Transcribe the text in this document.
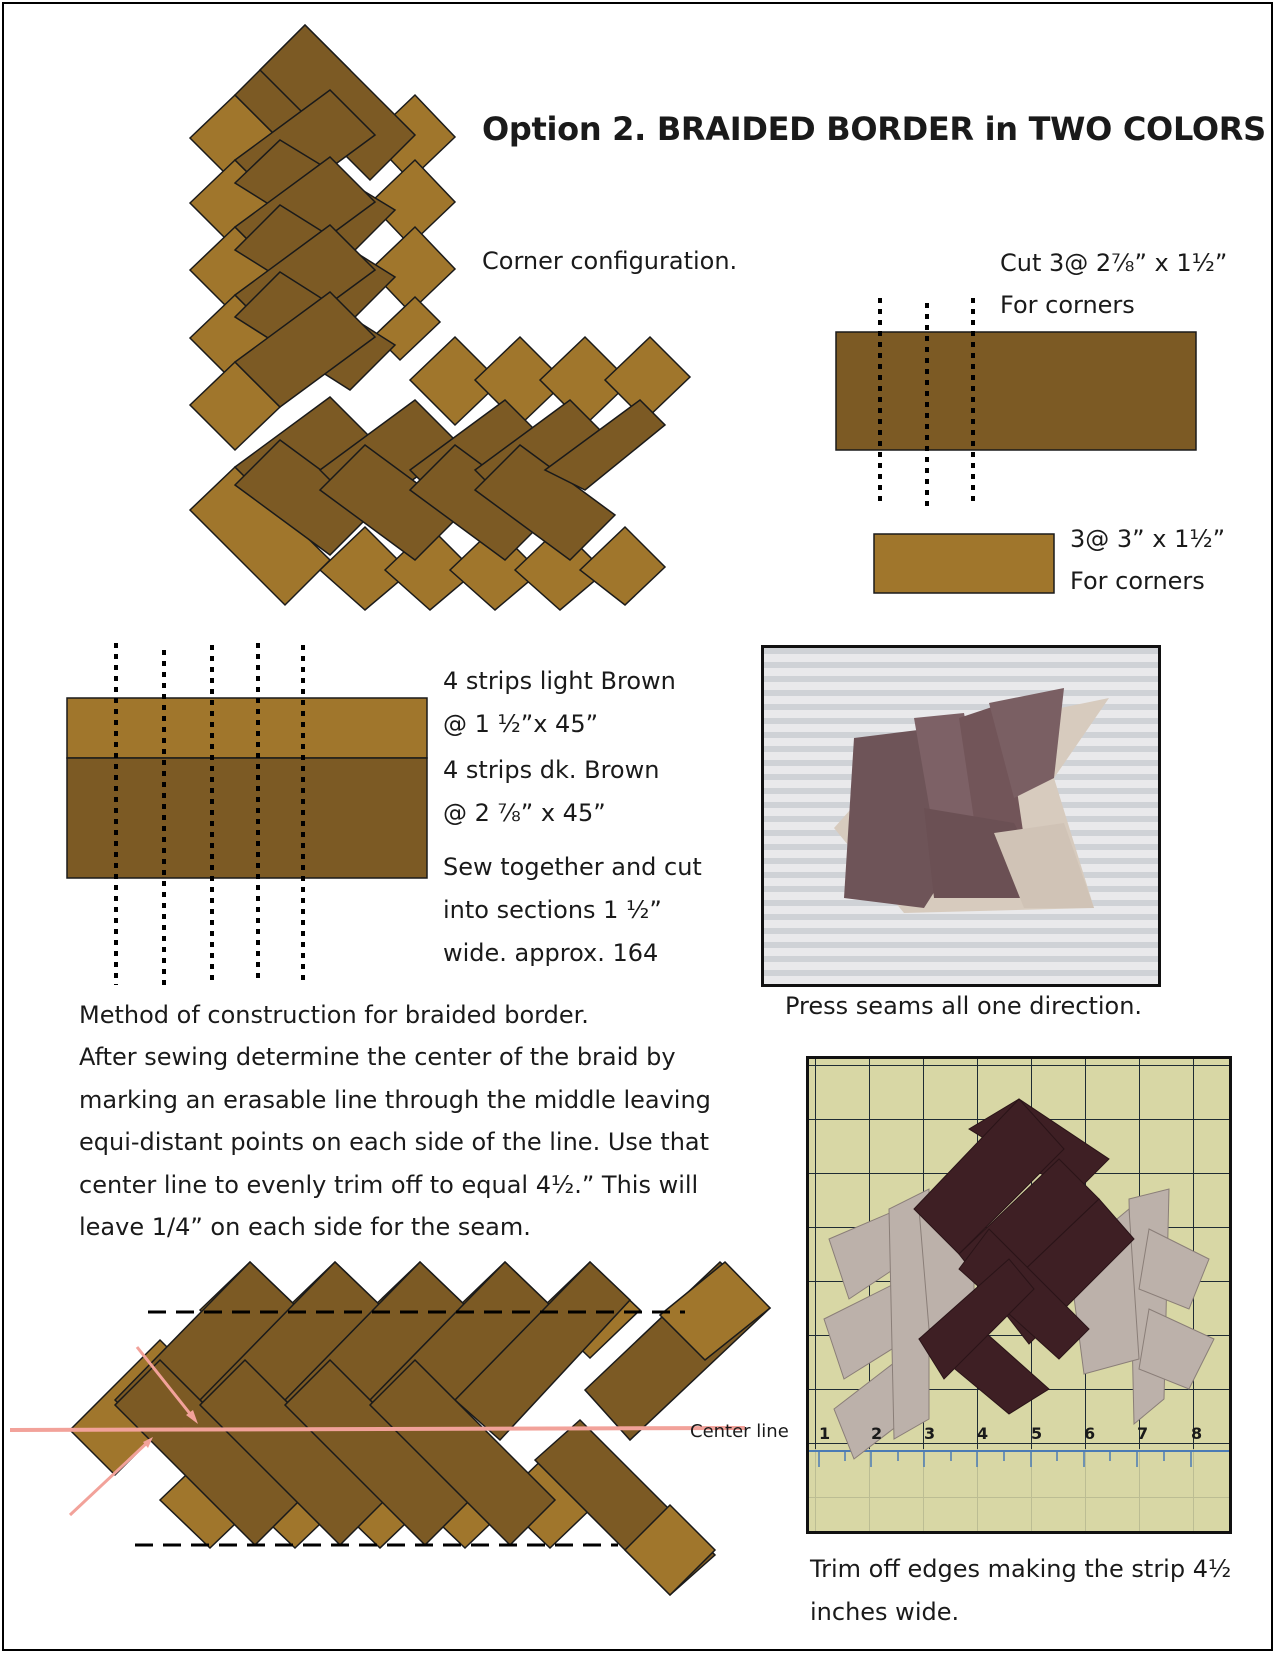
Option 2. BRAIDED BORDER in TWO COLORS
Corner configuration.	Cut 3@ 2⅞” x 1½”
For corners
3@ 3” x 1½”
For corners
4 strips light Brown
@ 1 ½”x 45”
4 strips dk. Brown
@ 2 ⅞” x 45”
Sew together and cut
into sections 1 ½”
wide. approx. 164
Press seams all one direction.
Method of construction for braided border.
After sewing determine the center of the braid by
marking an erasable line through the middle leaving
equi-distant points on each side of the line. Use that
center line to evenly trim off to equal 4½.” This will
leave 1/4” on each side for the seam.
Center line 1	2	3	4	5	6	7	8
Trim off edges making the strip 4½
inches wide.
